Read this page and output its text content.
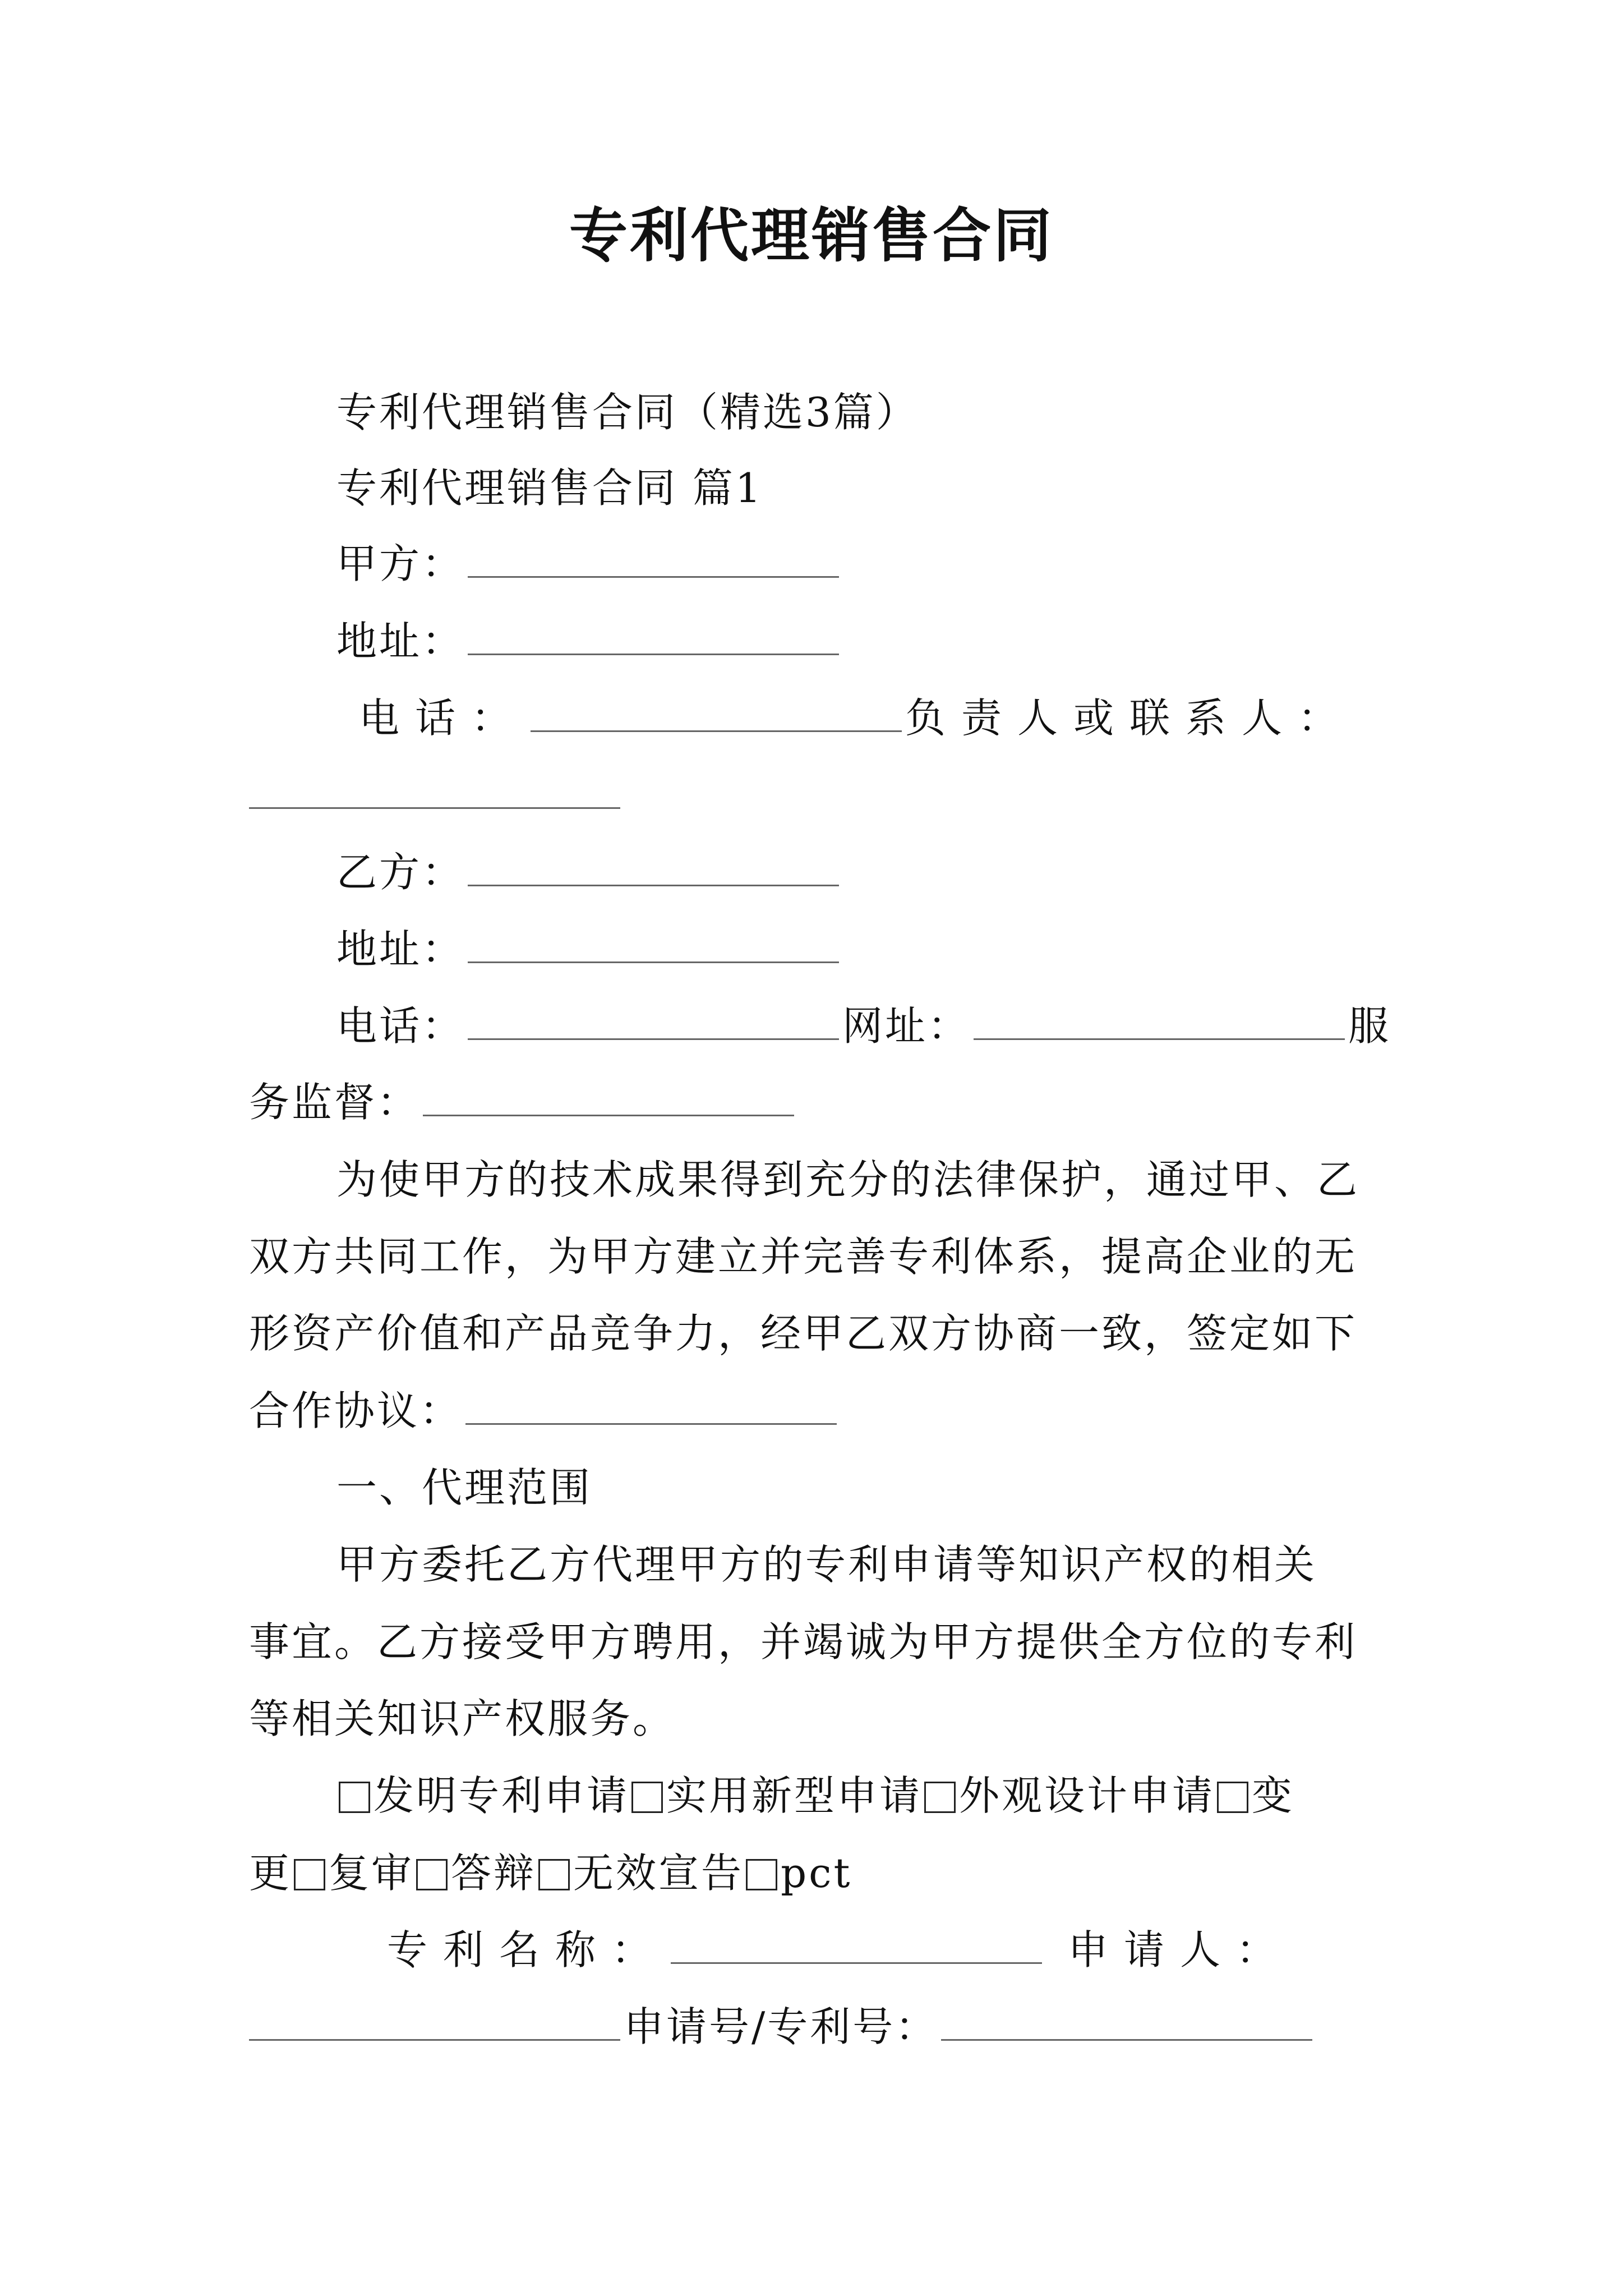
专利代理销售合同
专利代理销售合同（精选3篇）
专利代理销售合同 篇1
甲方：
地址：
电话：	负责人或联系人：
乙方：
地址：
电话：	网址：	服
务监督：
为使甲方的技术成果得到充分的法律保护，通过甲、乙
双方共同工作，为甲方建立并完善专利体系，提高企业的无
形资产价值和产品竞争力，经甲乙双方协商一致，签定如下
合作协议：
一、代理范围
甲方委托乙方代理甲方的专利申请等知识产权的相关
事宜。乙方接受甲方聘用，并竭诚为甲方提供全方位的专利
等相关知识产权服务。
发明专利申请 实用新型申请 外观设计申请 变
更 复审 答辩 无效宣告 pct
专利名称：	申请人：
申请号/专利号：
